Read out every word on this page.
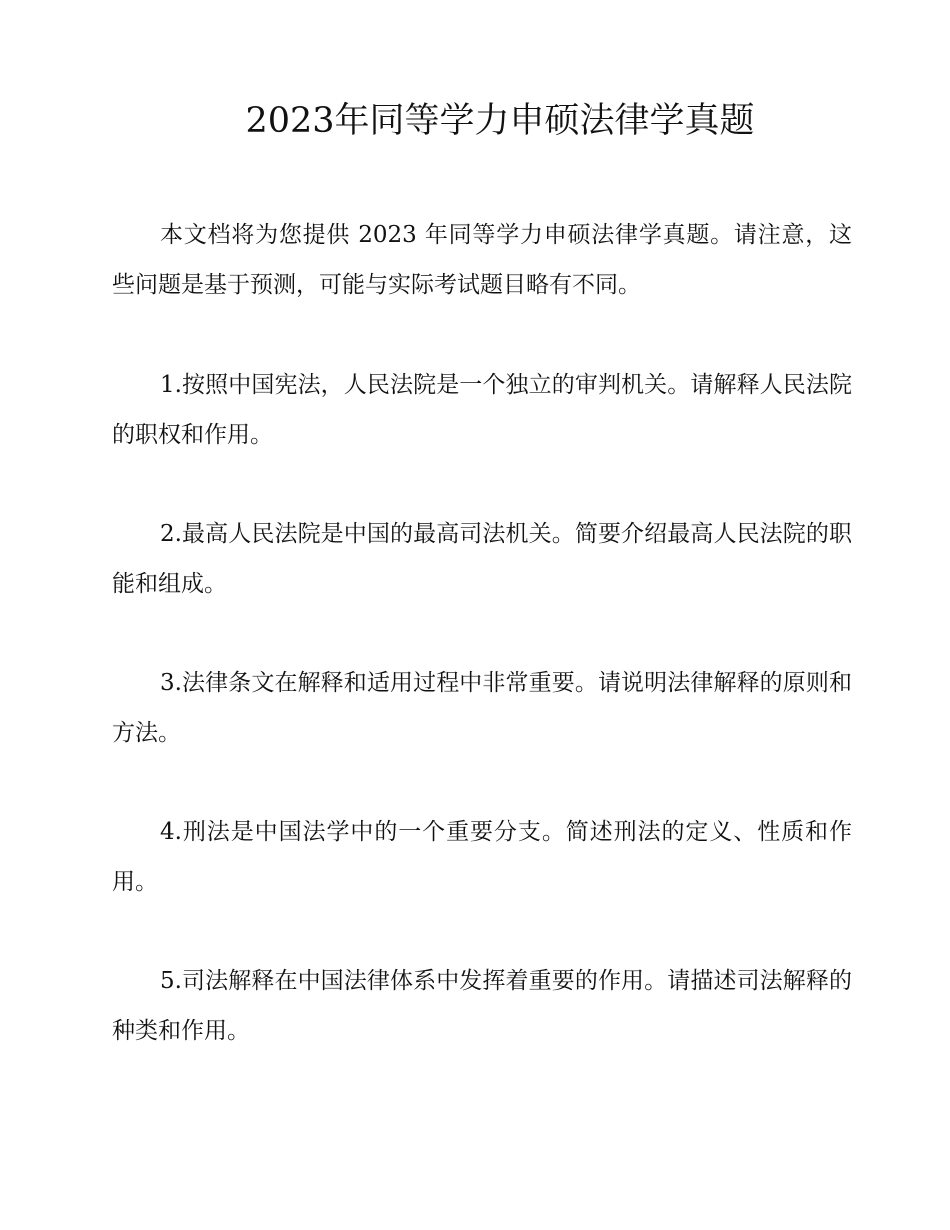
2023年同等学力申硕法律学真题

本文档将为您提供 2023 年同等学力申硕法律学真题。请注意，这些问题是基于预测，可能与实际考试题目略有不同。

1.按照中国宪法，人民法院是一个独立的审判机关。请解释人民法院的职权和作用。

2.最高人民法院是中国的最高司法机关。简要介绍最高人民法院的职能和组成。

3.法律条文在解释和适用过程中非常重要。请说明法律解释的原则和方法。

4.刑法是中国法学中的一个重要分支。简述刑法的定义、性质和作用。

5.司法解释在中国法律体系中发挥着重要的作用。请描述司法解释的种类和作用。
